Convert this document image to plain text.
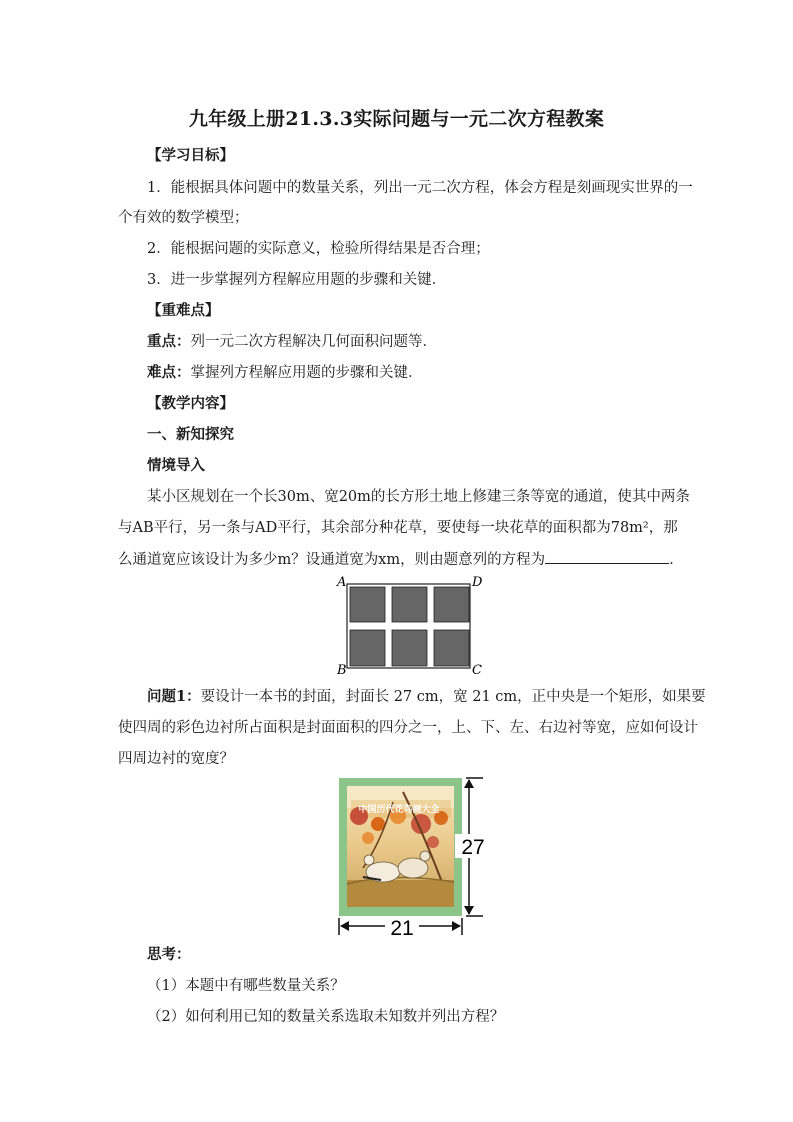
九年级上册21.3.3实际问题与一元二次方程教案
【学习目标】
1．能根据具体问题中的数量关系，列出一元二次方程，体会方程是刻画现实世界的一
个有效的数学模型；
2．能根据问题的实际意义，检验所得结果是否合理；
3．进一步掌握列方程解应用题的步骤和关键．
【重难点】
重点：列一元二次方程解决几何面积问题等．
难点：掌握列方程解应用题的步骤和关键．
【教学内容】
一、新知探究
情境导入
某小区规划在一个长30m、宽20m的长方形土地上修建三条等宽的通道，使其中两条
与AB平行，另一条与AD平行，其余部分种花草，要使每一块花草的面积都为78m²，那
么通道宽应该设计为多少m？设通道宽为xm，则由题意列的方程为	．
A	D
B	C
问题1：要设计一本书的封面，封面长 27 cm，宽 21 cm，正中央是一个矩形，如果要
使四周的彩色边衬所占面积是封面面积的四分之一，上、下、左、右边衬等宽，应如何设计
四周边衬的宽度？
中国历代花鸟画大全
27
21
思考：
（1）本题中有哪些数量关系？
（2）如何利用已知的数量关系选取未知数并列出方程？
